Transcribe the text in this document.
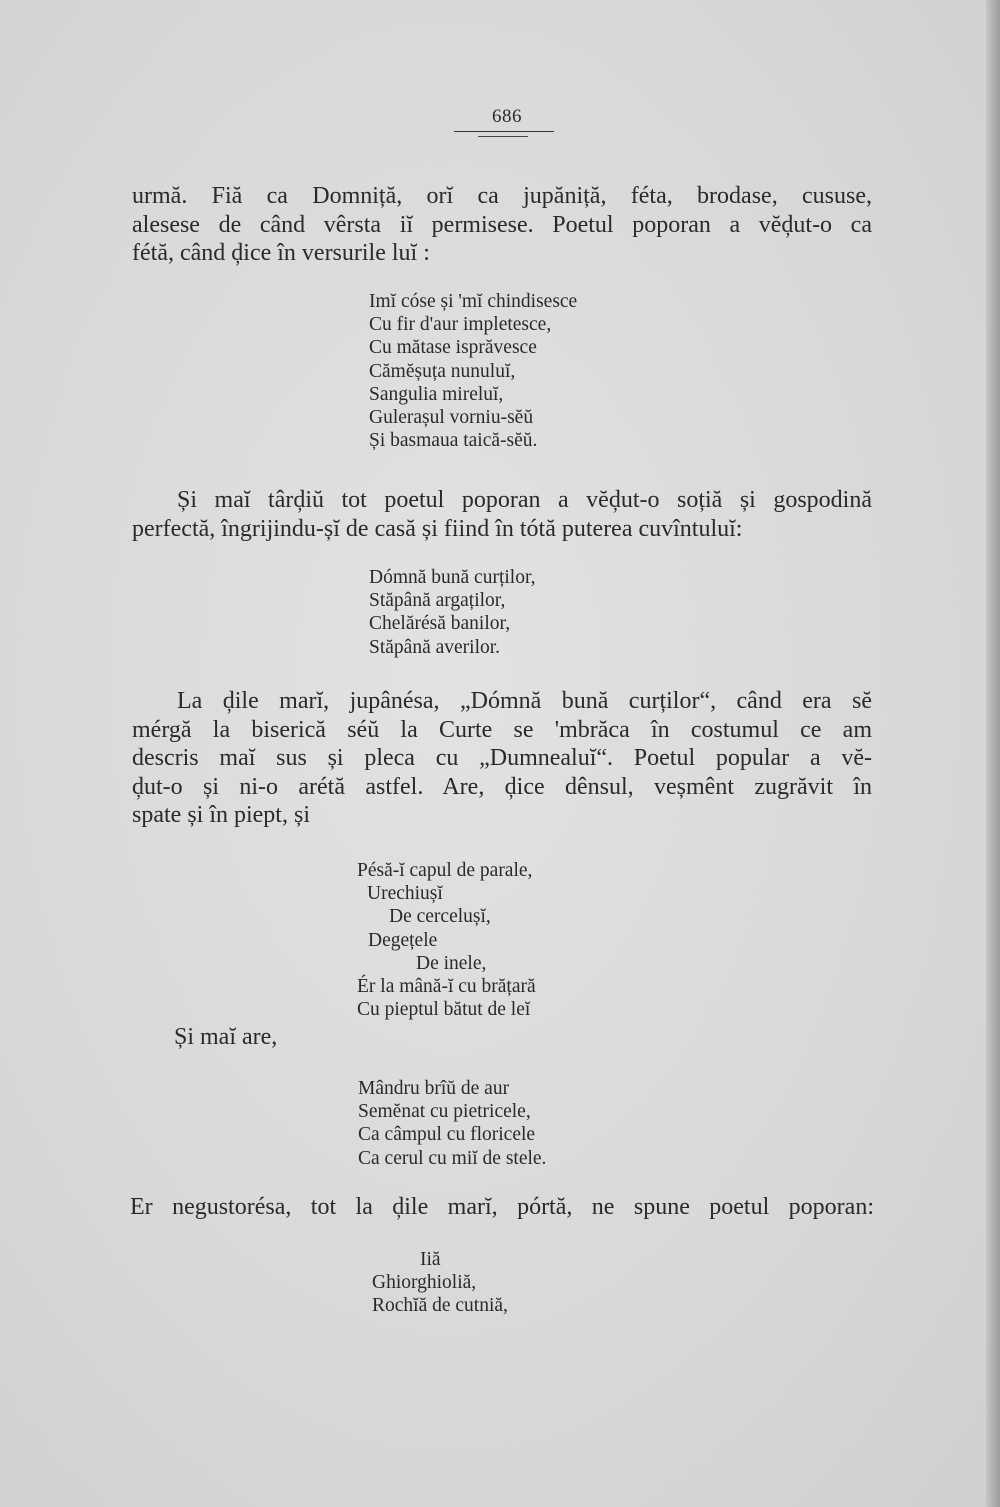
686
urmă. Fiă ca Domniță, orĭ ca jupăniță, féta, brodase, cususe,
alesese de când vêrsta iĭ permisese. Poetul poporan a vĕḑut-o ca
fétă, când ḑice în versurile luĭ :
Imĭ cóse și 'mĭ chindisesce
Cu fir d'aur impletesce,
Cu mătase isprăvesce
Cămĕșuța nunuluĭ,
Sangulia mireluĭ,
Gulerașul vorniu-sĕŭ
Și basmaua taică-sĕŭ.
Și maĭ târḑiŭ tot poetul poporan a vĕḑut-o soțiă și gospodină
perfectă, îngrijindu-șĭ de casă și fiind în tótă puterea cuvîntuluĭ:
Dómnă bună curților,
Stăpână argaților,
Chelărésă banilor,
Stăpână averilor.
La ḑile marĭ, jupânésa, „Dómnă bună curților“, când era sĕ
mérgă la biserică séŭ la Curte se 'mbrăca în costumul ce am
descris maĭ sus și pleca cu „Dumnealuĭ“. Poetul popular a vĕ-
ḑut-o și ni-o arétă astfel. Are, ḑice dênsul, veșmênt zugrăvit în
spate și în piept, și
Pésă-ĭ capul de parale,
Urechiușĭ
De cercelușĭ,
Degețele
De inele,
Ér la mână-ĭ cu brățară
Cu pieptul bătut de leĭ
Și maĭ are,
Mândru brîŭ de aur
Semĕnat cu pietricele,
Ca câmpul cu floricele
Ca cerul cu miĭ de stele.
Er negustorésa, tot la ḑile marĭ, pórtă, ne spune poetul poporan:
Iiă
Ghiorghioliă,
Rochĭă de cutniă,
